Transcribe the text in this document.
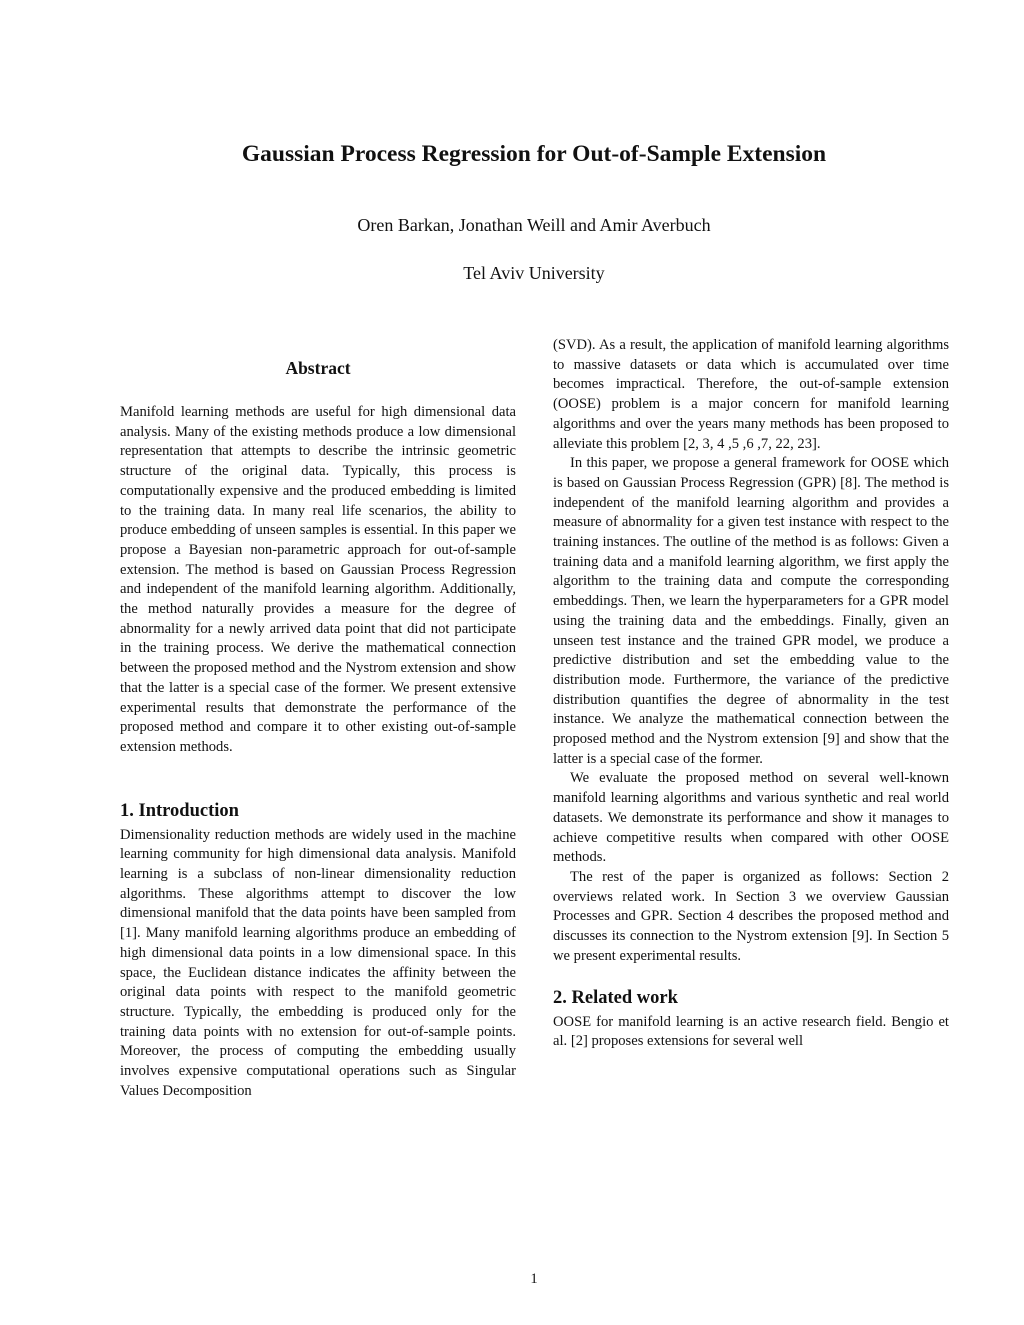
Gaussian Process Regression for Out-of-Sample Extension

Oren Barkan, Jonathan Weill and Amir Averbuch

Tel Aviv University

Abstract

Manifold learning methods are useful for high dimensional data analysis. Many of the existing methods produce a low dimensional representation that attempts to describe the intrinsic geometric structure of the original data. Typically, this process is computationally expensive and the produced embedding is limited to the training data. In many real life scenarios, the ability to produce embedding of unseen samples is essential. In this paper we propose a Bayesian non-parametric approach for out-of-sample extension. The method is based on Gaussian Process Regression and independent of the manifold learning algorithm. Additionally, the method naturally provides a measure for the degree of abnormality for a newly arrived data point that did not participate in the training process. We derive the mathematical connection between the proposed method and the Nystrom extension and show that the latter is a special case of the former. We present extensive experimental results that demonstrate the performance of the proposed method and compare it to other existing out-of-sample extension methods.

1. Introduction

Dimensionality reduction methods are widely used in the machine learning community for high dimensional data analysis. Manifold learning is a subclass of non-linear dimensionality reduction algorithms. These algorithms attempt to discover the low dimensional manifold that the data points have been sampled from [1]. Many manifold learning algorithms produce an embedding of high dimensional data points in a low dimensional space. In this space, the Euclidean distance indicates the affinity between the original data points with respect to the manifold geometric structure. Typically, the embedding is produced only for the training data points with no extension for out-of-sample points. Moreover, the process of computing the embedding usually involves expensive computational operations such as Singular Values Decomposition

(SVD). As a result, the application of manifold learning algorithms to massive datasets or data which is accumulated over time becomes impractical. Therefore, the out-of-sample extension (OOSE) problem is a major concern for manifold learning algorithms and over the years many methods has been proposed to alleviate this problem [2, 3, 4 ,5 ,6 ,7, 22, 23].

In this paper, we propose a general framework for OOSE which is based on Gaussian Process Regression (GPR) [8]. The method is independent of the manifold learning algorithm and provides a measure of abnormality for a given test instance with respect to the training instances. The outline of the method is as follows: Given a training data and a manifold learning algorithm, we first apply the algorithm to the training data and compute the corresponding embeddings. Then, we learn the hyperparameters for a GPR model using the training data and the embeddings. Finally, given an unseen test instance and the trained GPR model, we produce a predictive distribution and set the embedding value to the distribution mode. Furthermore, the variance of the predictive distribution quantifies the degree of abnormality in the test instance. We analyze the mathematical connection between the proposed method and the Nystrom extension [9] and show that the latter is a special case of the former.

We evaluate the proposed method on several well-known manifold learning algorithms and various synthetic and real world datasets. We demonstrate its performance and show it manages to achieve competitive results when compared with other OOSE methods.

The rest of the paper is organized as follows: Section 2 overviews related work. In Section 3 we overview Gaussian Processes and GPR. Section 4 describes the proposed method and discusses its connection to the Nystrom extension [9]. In Section 5 we present experimental results.

2. Related work

OOSE for manifold learning is an active research field. Bengio et al. [2] proposes extensions for several well

1
